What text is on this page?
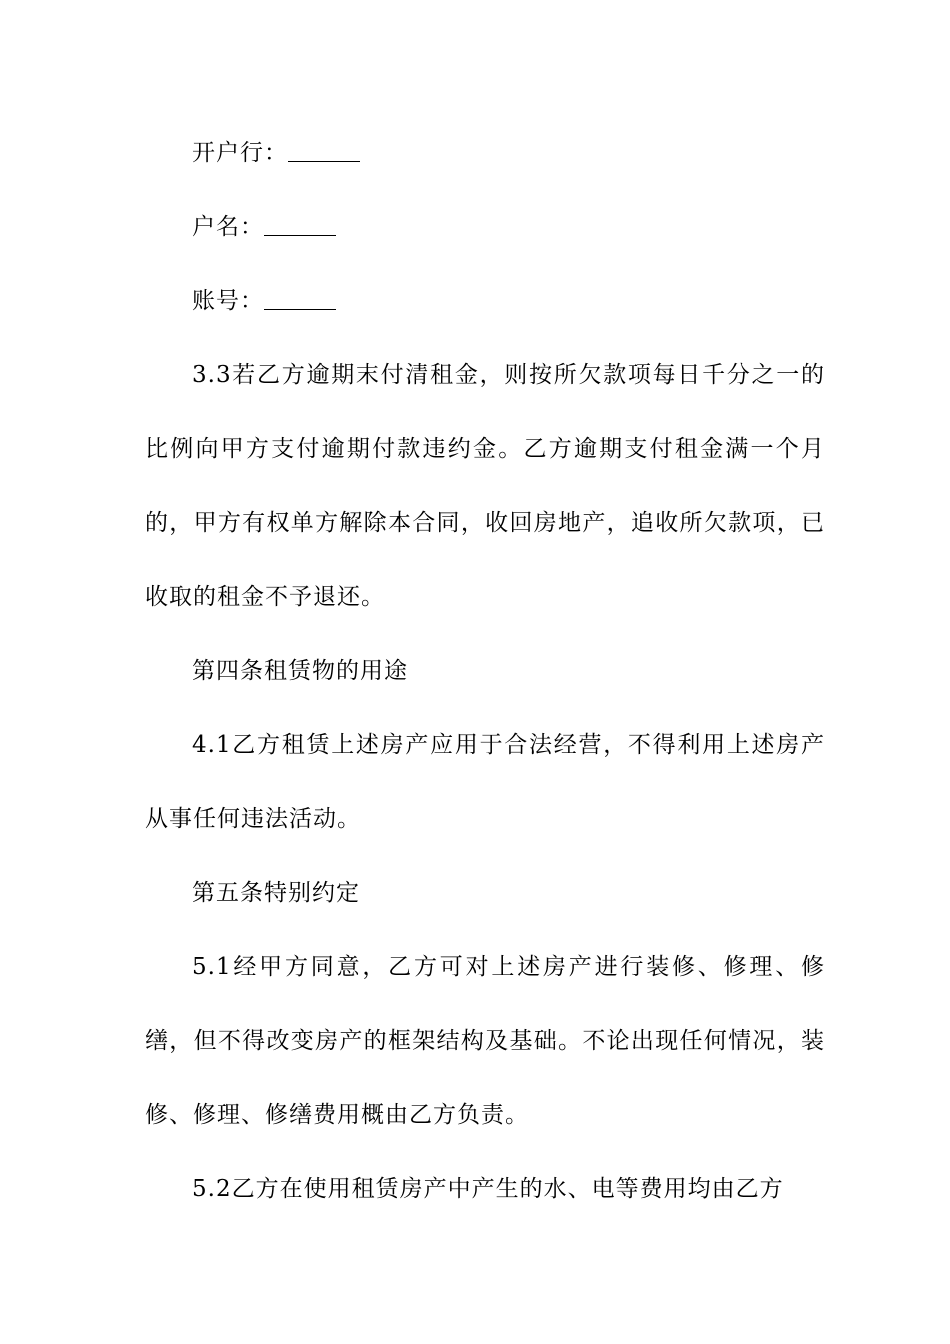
开户行：

户名：

账号：

3.3若乙方逾期末付清租金，则按所欠款项每日千分之一的比例向甲方支付逾期付款违约金。乙方逾期支付租金满一个月的，甲方有权单方解除本合同，收回房地产，追收所欠款项，已收取的租金不予退还。

第四条租赁物的用途

4.1乙方租赁上述房产应用于合法经营，不得利用上述房产从事任何违法活动。

第五条特别约定

5.1经甲方同意，乙方可对上述房产进行装修、修理、修缮，但不得改变房产的框架结构及基础。不论出现任何情况，装修、修理、修缮费用概由乙方负责。

5.2乙方在使用租赁房产中产生的水、电等费用均由乙方
